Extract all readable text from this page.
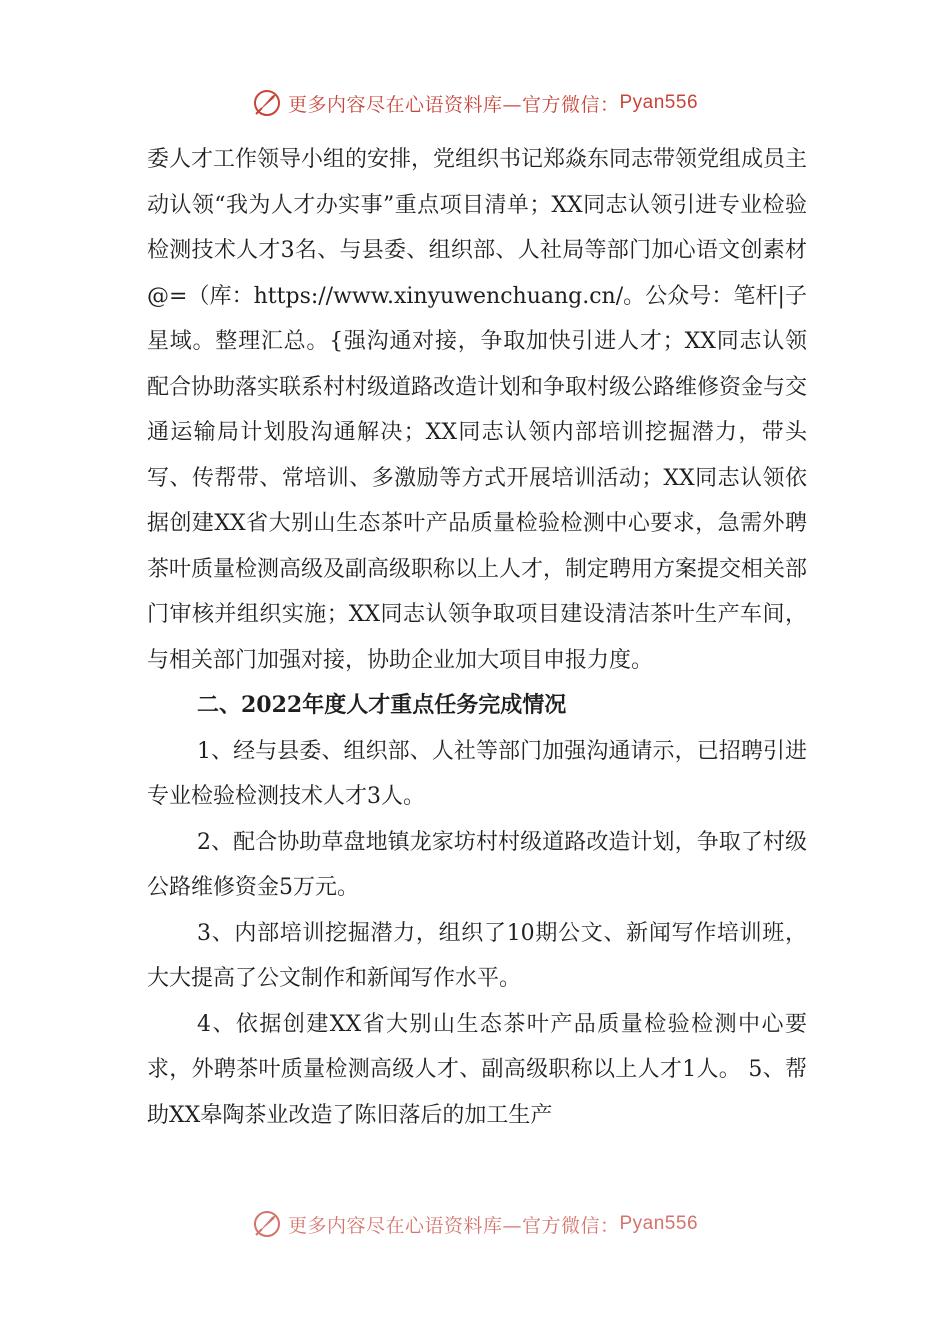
更多内容尽在心语资料库—官方微信： Pyan556

委人才工作领导小组的安排，党组织书记郑焱东同志带领党组成员主动认领“我为人才办实事”重点项目清单；XX同志认领引进专业检验检测技术人才3名、与县委、组织部、人社局等部门加心语文创素材@=（库：https://www.xinyuwenchuang.cn/。公众号：笔杆|子星域。整理汇总。{强沟通对接，争取加快引进人才；XX同志认领配合协助落实联系村村级道路改造计划和争取村级公路维修资金与交通运输局计划股沟通解决；XX同志认领内部培训挖掘潜力，带头写、传帮带、常培训、多激励等方式开展培训活动；XX同志认领依据创建XX省大别山生态茶叶产品质量检验检测中心要求，急需外聘茶叶质量检测高级及副高级职称以上人才，制定聘用方案提交相关部门审核并组织实施；XX同志认领争取项目建设清洁茶叶生产车间，与相关部门加强对接，协助企业加大项目申报力度。

二、2022年度人才重点任务完成情况

1、经与县委、组织部、人社等部门加强沟通请示，已招聘引进专业检验检测技术人才3人。

2、配合协助草盘地镇龙家坊村村级道路改造计划，争取了村级公路维修资金5万元。

3、内部培训挖掘潜力，组织了10期公文、新闻写作培训班，大大提高了公文制作和新闻写作水平。

4、依据创建XX省大别山生态茶叶产品质量检验检测中心要求，外聘茶叶质量检测高级人才、副高级职称以上人才1人。 5、帮助XX皋陶茶业改造了陈旧落后的加工生产

更多内容尽在心语资料库—官方微信： Pyan556
